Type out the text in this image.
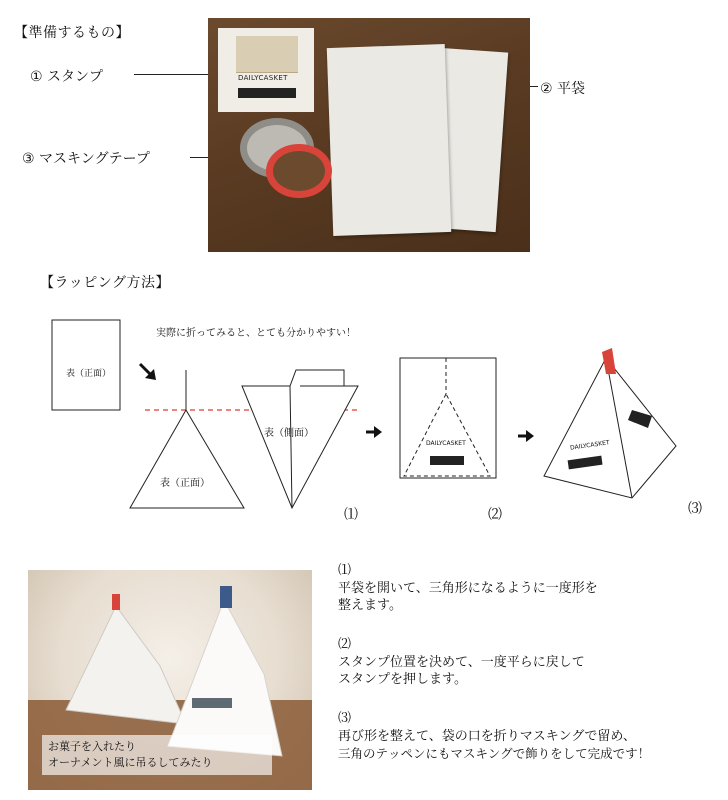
【準備するもの】
① スタンプ
② 平袋
③ マスキングテープ
DAILYCASKET
【ラッピング方法】
表（正面）
実際に折ってみると、とても分かりやすい！
表（正面）
表（側面）
DAILYCASKET	DAILYCASKET
⑴	⑵	⑶
お菓子を入れたり
オーナメント風に吊るしてみたり
⑴
平袋を開いて、三角形になるように一度形を
整えます。
⑵
スタンプ位置を決めて、一度平らに戻して
スタンプを押します。
⑶
再び形を整えて、袋の口を折りマスキングで留め、
三角のテッペンにもマスキングで飾りをして完成です！
